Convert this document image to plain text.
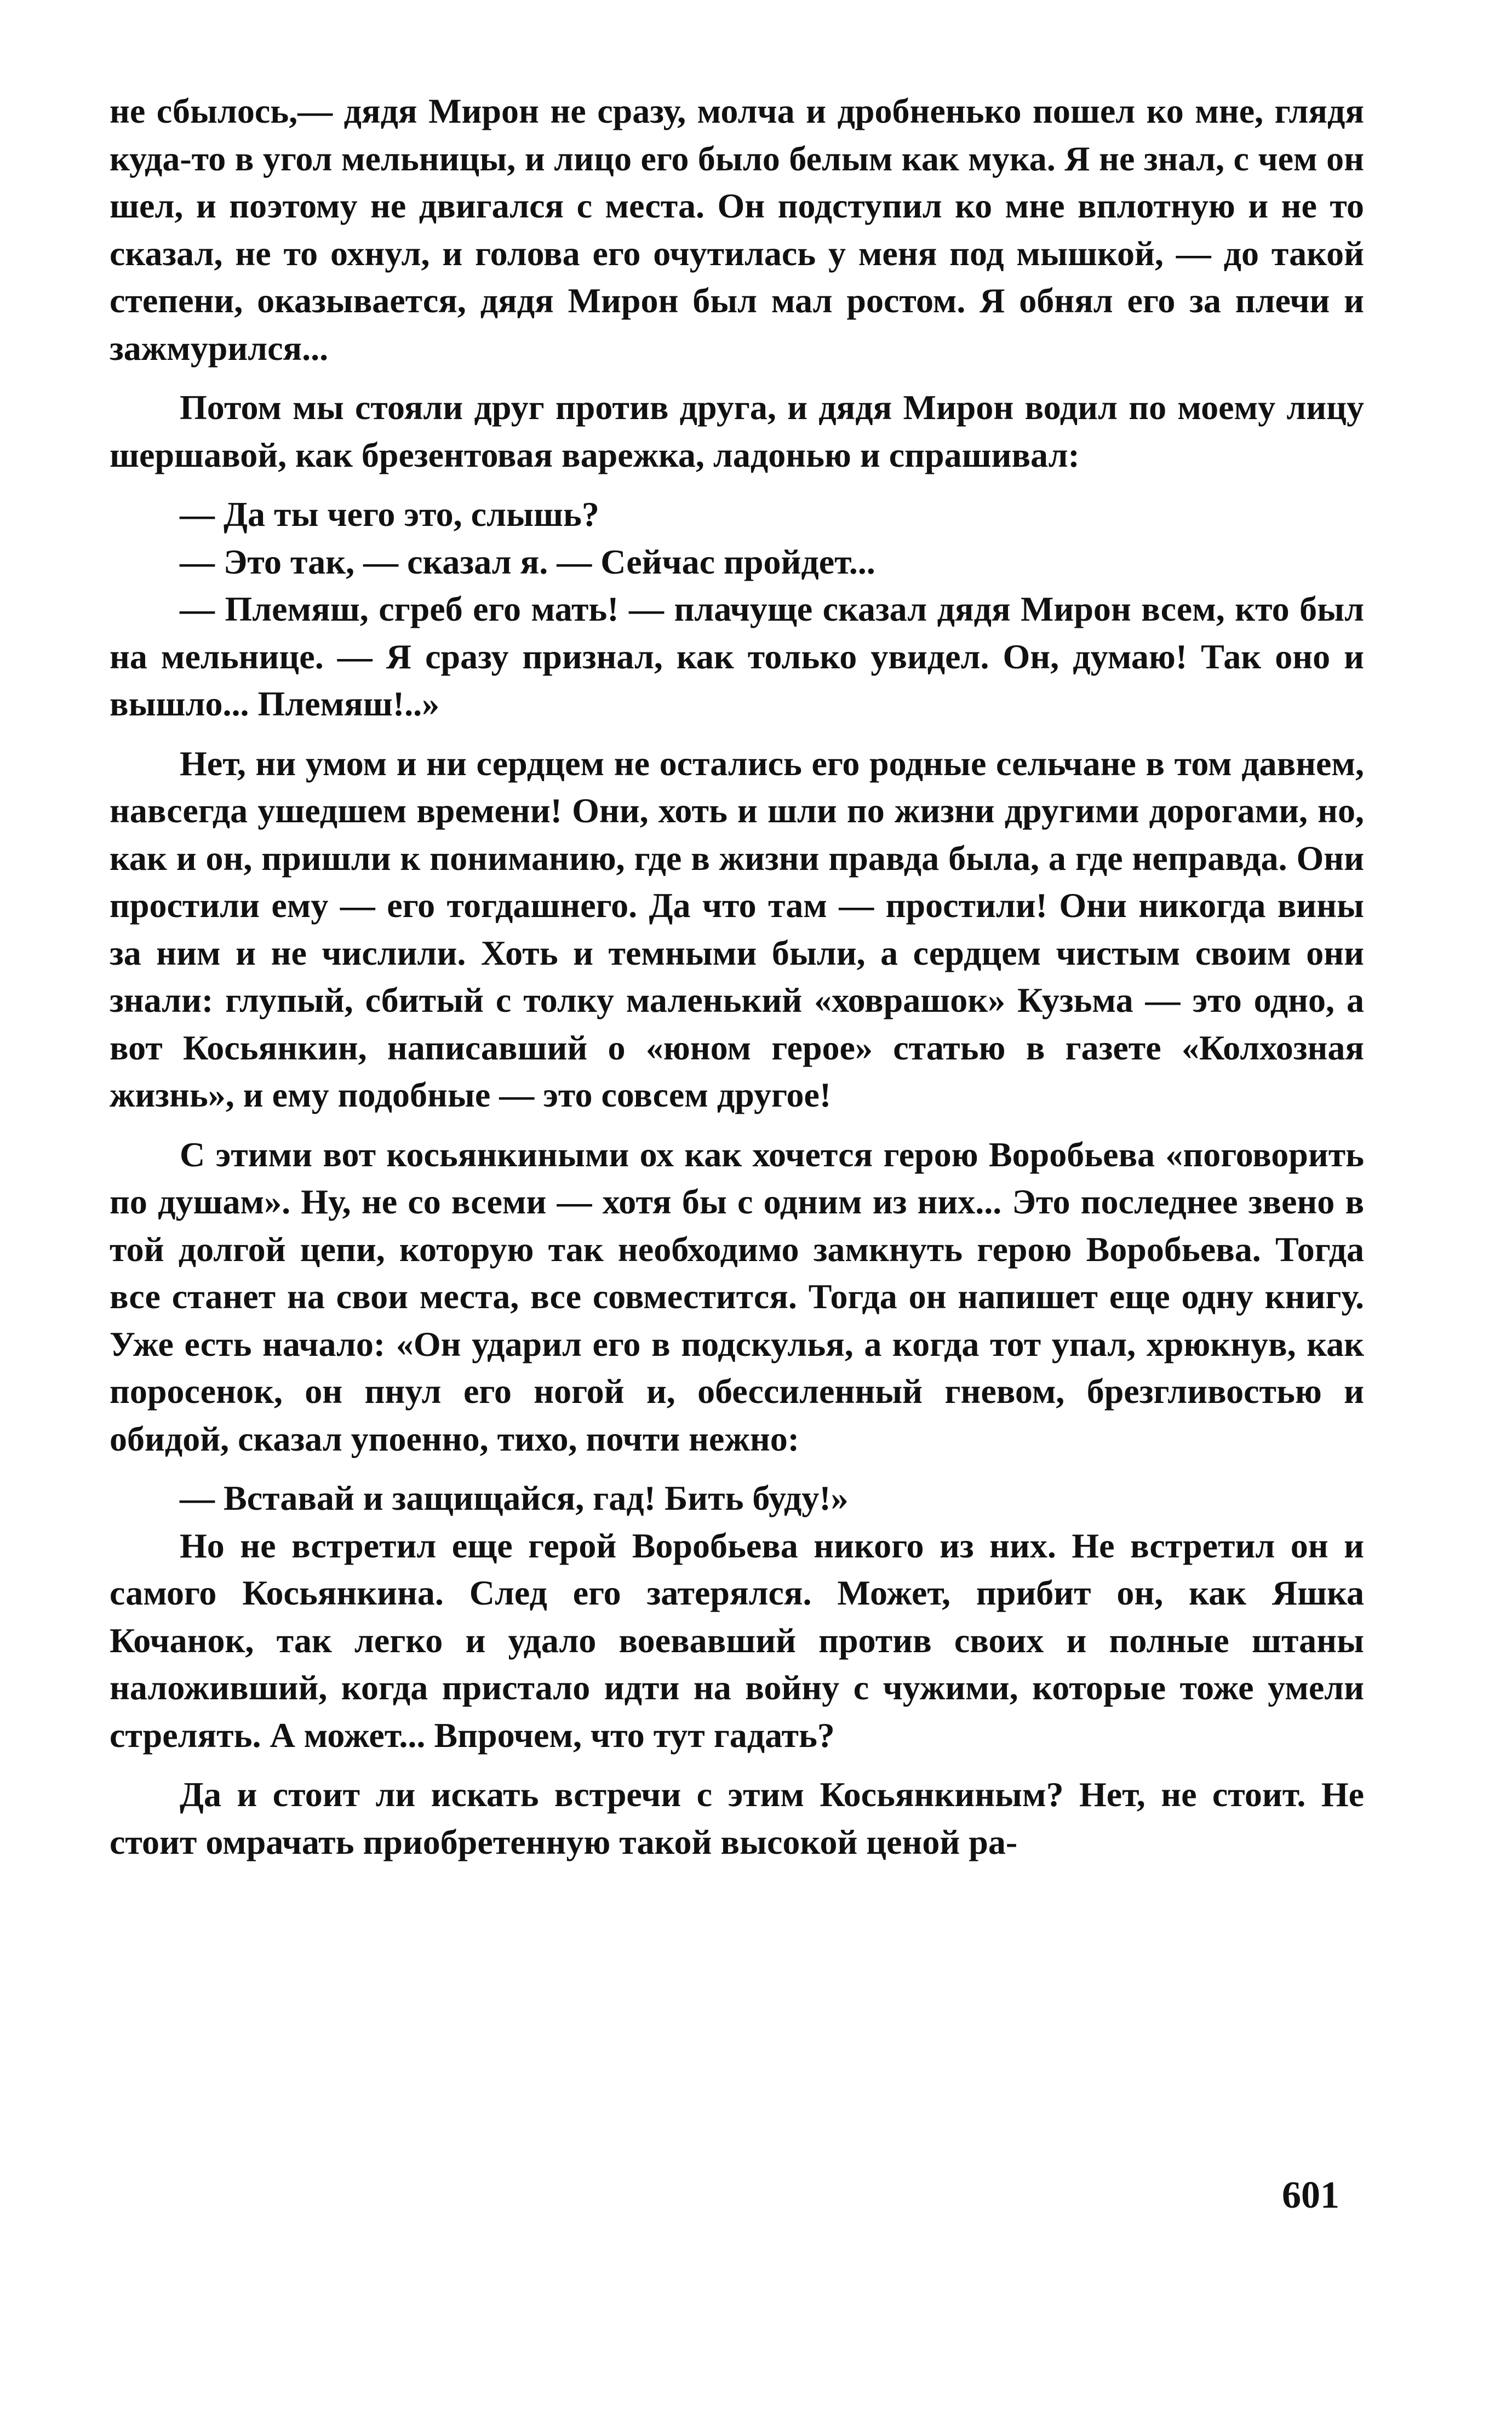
не сбылось,— дядя Мирон не сразу, молча и дробненько пошел ко мне, глядя куда-то в угол мельницы, и лицо его было белым как мука. Я не знал, с чем он шел, и поэтому не двигался с места. Он подступил ко мне вплотную и не то сказал, не то охнул, и голова его очутилась у меня под мышкой, — до такой степени, оказывается, дядя Мирон был мал ростом. Я обнял его за плечи и зажмурился...

Потом мы стояли друг против друга, и дядя Мирон водил по моему лицу шершавой, как брезентовая варежка, ладонью и спрашивал:

— Да ты чего это, слышь?

— Это так, — сказал я. — Сейчас пройдет...

— Племяш, сгреб его мать! — плачуще сказал дядя Мирон всем, кто был на мельнице. — Я сразу признал, как только увидел. Он, думаю! Так оно и вышло... Племяш!..»

Нет, ни умом и ни сердцем не остались его родные сельчане в том давнем, навсегда ушедшем времени! Они, хоть и шли по жизни другими дорогами, но, как и он, пришли к пониманию, где в жизни правда была, а где неправда. Они простили ему — его тогдашнего. Да что там — простили! Они никогда вины за ним и не числили. Хоть и темными были, а сердцем чистым своим они знали: глупый, сбитый с толку маленький «ховрашок» Кузьма — это одно, а вот Косьянкин, написавший о «юном герое» статью в газете «Колхозная жизнь», и ему подобные — это совсем другое!

С этими вот косьянкиными ох как хочется герою Воробьева «поговорить по душам». Ну, не со всеми — хотя бы с одним из них... Это последнее звено в той долгой цепи, которую так необходимо замкнуть герою Воробьева. Тогда все станет на свои места, все совместится. Тогда он напишет еще одну книгу. Уже есть начало: «Он ударил его в подскулья, а когда тот упал, хрюкнув, как поросенок, он пнул его ногой и, обессиленный гневом, брезгливостью и обидой, сказал упоенно, тихо, почти нежно:

— Вставай и защищайся, гад! Бить буду!»

Но не встретил еще герой Воробьева никого из них. Не встретил он и самого Косьянкина. След его затерялся. Может, прибит он, как Яшка Кочанок, так легко и удало воевавший против своих и полные штаны наложивший, когда пристало идти на войну с чужими, которые тоже умели стрелять. А может... Впрочем, что тут гадать?

Да и стоит ли искать встречи с этим Косьянкиным? Нет, не стоит. Не стоит омрачать приобретенную такой высокой ценой ра-

601
